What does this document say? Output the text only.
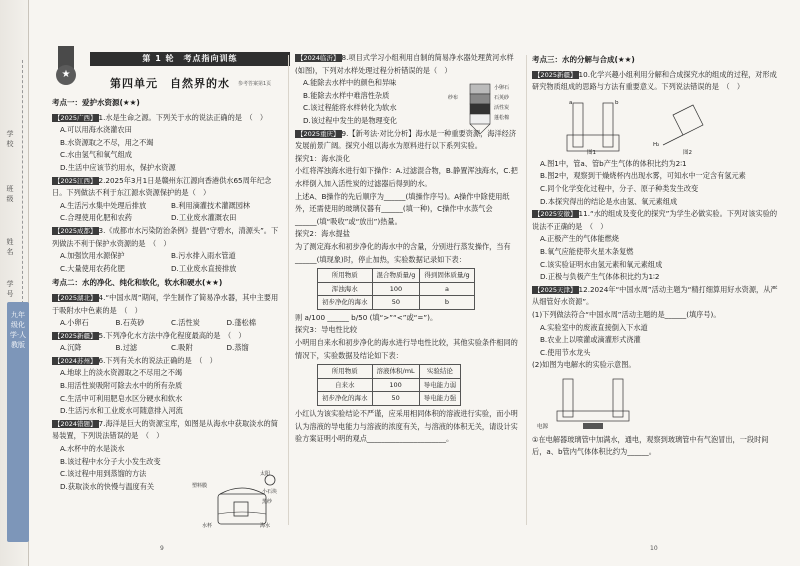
学
校
班
级
姓
名
学
号
九年级化学·人教版
★
第 1 轮　考点指向训练
第四单元　自然界的水 参考答案第1页
考点一：爱护水资源(★★)
【2025广西】 1.水是生命之源。下列关于水的说法正确的是　（　）
A.可以用海水浇灌农田
B.水资源取之不尽，用之不竭
C.水由氢气和氧气组成
D.生活中应该节约用水，保护水资源
【2025江西】 2.2025年3月1日是赣州东江源向香港供水65周年纪念日。下列做法不利于东江源水资源保护的是（　）
A.生活污水集中处理后排放	B.利用滴灌技术灌溉园林
C.合理使用化肥和农药	D.工业废水灌溉农田
【2025成都】 3.《成都市水污染防治条例》提倡“守碧水，清源头”。下列做法不利于保护水资源的是　（　）
A.加强饮用水源保护	B.污水排入雨水管道
C.大量使用农药化肥	D.工业废水直接排放
考点二：水的净化、纯化和软化，软水和硬水(★★)
【2025湖北】 4.“中国水周”期间，学生制作了简易净水器，其中主要用于吸附水中色素的是　（　）
A.小卵石	B.石英砂	C.活性炭	D.蓬松棉
【2025新疆】 5.下列净化水方法中净化程度最高的是　（　）
A.沉降	B.过滤	C.吸附	D.蒸馏
【2024苏州】 6.下列有关水的说法正确的是　（　）
A.地球上的淡水资源取之不尽用之不竭
B.用活性炭吸附可除去水中的所有杂质
C.生活中可利用肥皂水区分硬水和软水
D.生活污水和工业废水可随意排入河流
【2024错题】 7.海洋是巨大的资源宝库，如图是从海水中获取淡水的简易装置，下列说法错误的是　（　）
A.水杯中的水是淡水
B.该过程中水分子大小发生改变
C.该过程中用到蒸馏的方法
D.获取淡水的快慢与温度有关
太阳
塑料膜
小石块
黑纱
水杯	海水
【2024临沂】 8.项目式学习小组利用自制的简易净水器处理黄河水样(如图)，下列对水样处理过程分析错误的是（　）
A.能除去水样中的颜色和异味
B.能除去水样中难溶性杂质
C.该过程能将水样转化为软水
D.该过程中发生的是物理变化
【2025重庆】 9.【新考法·对比分析】海水是一种重要资源，海洋经济发展前景广阔。探究小组以海水为原料进行以下系列实验。
探究1：海水淡化
小红将浑浊海水进行如下操作：A.过滤混合物，B.静置浑浊海水，C.把水样倒入加入活性炭的过滤器后得到的水。
上述A、B操作的先后顺序为______(填操作序号)。A操作中除使用纸外，还需使用的玻璃仪器有______(填一种)，C操作中水蒸气会______(填“吸收”或“放出”)热量。
探究2：海水提盐
为了测定海水和初步净化的海水中的含量，分别进行蒸发操作，当有______(填现象)时，停止加热，实验数据记录如下表：
所用物质	混合物质量/g	得到固体质量/g
浑浊海水	100	a
初步净化的海水	50	b
则 a/100 ______ b/50 (填“>”“<”或“=”)。
探究3：导电性比较
小明用自来水和初步净化的海水进行导电性比较，其他实验条件相同的情况下，实验数据及结论如下表：
所用物质	溶液体积/mL	实验结论
自来水	100	导电能力弱
初步净化的海水	50	导电能力强
小红认为该实验结论不严谨，应采用相同体积的溶液进行实验，而小明认为溶液的导电能力与溶液的浓度有关，与溶液的体积无关，请设计实验方案证明小明的观点______________________。
小卵石
石英砂
活性炭
蓬松棉
纱布
考点三：水的分解与合成(★★)
【2025新疆】 10.化学兴趣小组利用分解和合成探究水的组成的过程，对形成研究物质组成的思路与方法有重要意义。下列说法错误的是　（　）
a	b
图1	图2
H₂
A.图1中，管a、管b产生气体的体积比约为2∶1
B.图2中，观察到干燥烧杯内出现水雾，可知水中一定含有氢元素
C.同个化学变化过程中，分子、原子种类发生改变
D.本探究得出的结论是水由氢、氧元素组成
【2025安徽】 11.“水的组成及变化的探究”为学生必做实验。下列对该实验的说法不正确的是　（　）
A.正极产生的气体能燃烧
B.氧气应能使带火星木条复燃
C.该实验证明水由氢元素和氧元素组成
D.正极与负极产生气体体积比约为1∶2
【2025天津】 12.2024年“中国水周”活动主题为“精打细算用好水资源，从严从细管好水资源”。
(1)下列做法符合“中国水周”活动主题的是______(填序号)。
A.实验室中的废液直接倒入下水道
B.农业上以喷灌或滴灌形式浇灌
C.使用节水龙头
(2)如图为电解水的实验示意图。
电源
①在电解器玻璃管中加满水，通电，观察到玻璃管中有气泡冒出，一段时间后，a、b管内气体体积比约为______。
9	10
